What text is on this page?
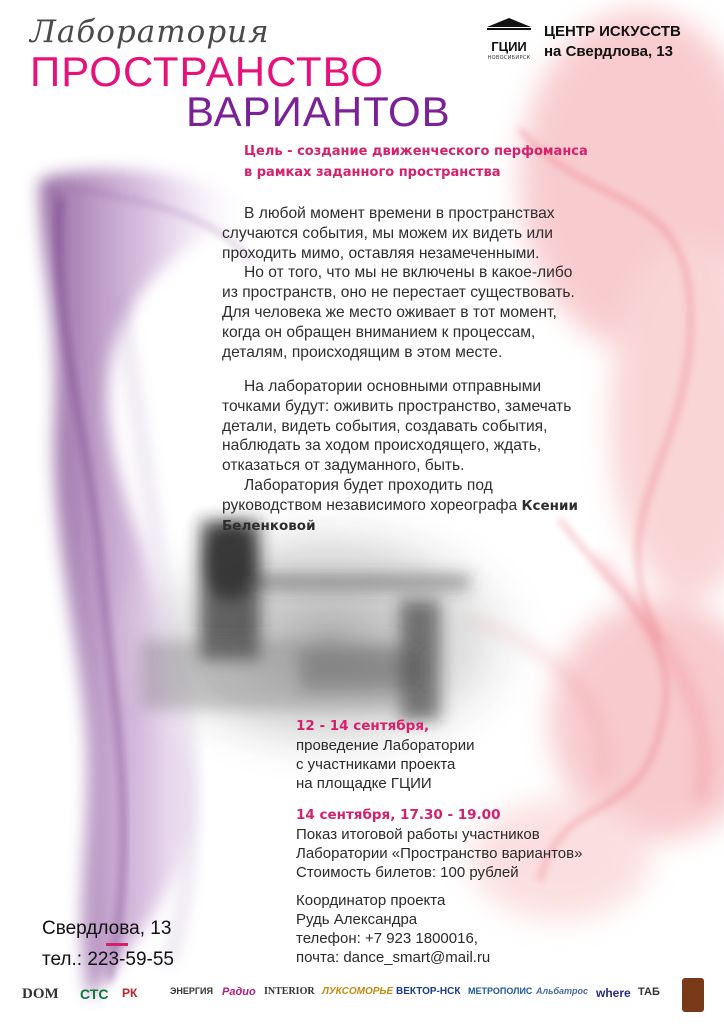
Лаборатория
ПРОСТРАНСТВО
ВАРИАНТОВ
ГЦИИ
НОВОСИБИРСК
ЦЕНТР ИСКУССТВ
на Свердлова, 13
Цель - создание движенческого перфоманса
в рамках заданного пространства
В любой момент времени в пространствах
случаются события, мы можем их видеть или
проходить мимо, оставляя незамеченными.
Но от того, что мы не включены в какое-либо
из пространств, оно не перестает существовать.
Для человека же место оживает в тот момент,
когда он обращен вниманием к процессам,
деталям, происходящим в этом месте.
На лаборатории основными отправными
точками будут: оживить пространство, замечать
детали, видеть события, создавать события,
наблюдать за ходом происходящего, ждать,
отказаться от задуманного, быть.
Лаборатория будет проходить под
руководством независимого хореографа Ксении
Беленковой
12 - 14 сентября,
проведение Лаборатории
с участниками проекта
на площадке ГЦИИ
14 сентября, 17.30 - 19.00
Показ итоговой работы участников
Лаборатории «Пространство вариантов»
Стоимость билетов: 100 рублей
Координатор проекта
Рудь Александра
телефон: +7 923 1800016,
почта: dance_smart@mail.ru
Свердлова, 13
тел.: 223-59-55
DOM СТС РК	ЭНЕРГИЯ Радио INTERIOR ЛУКСОМОРЬЕ ВЕКТОР-НСК МЕТРОПОЛИС Альбатрос where ТАБ
